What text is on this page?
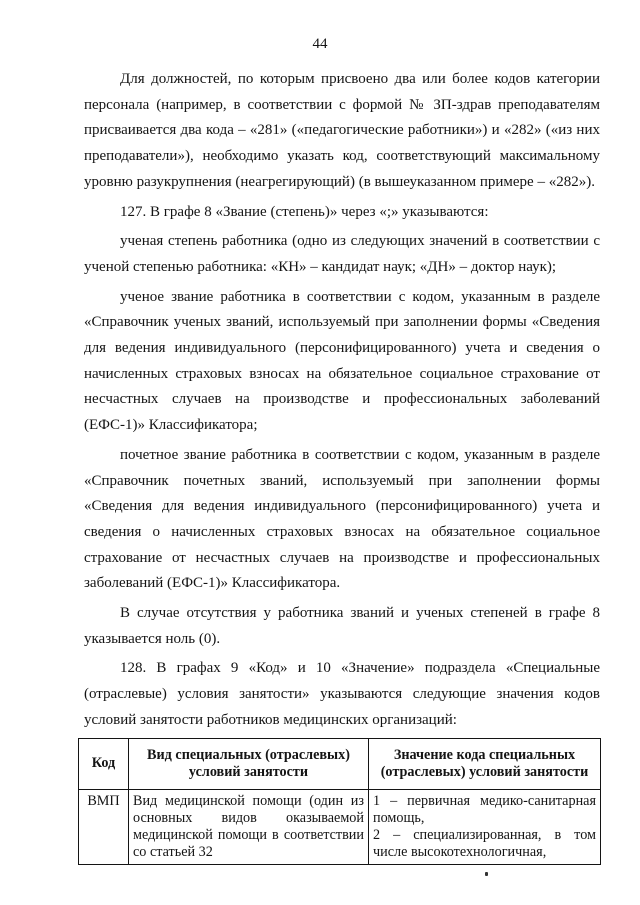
44

Для должностей, по которым присвоено два или более кодов категории персонала (например, в соответствии с формой № ЗП-здрав преподавателям присваивается два кода – «281» («педагогические работники») и «282» («из них преподаватели»), необходимо указать код, соответствующий максимальному уровню разукрупнения (неагрегирующий) (в вышеуказанном примере – «282»).

127. В графе 8 «Звание (степень)» через «;» указываются:

ученая степень работника (одно из следующих значений в соответствии с ученой степенью работника: «КН» – кандидат наук; «ДН» – доктор наук);

ученое звание работника в соответствии с кодом, указанным в разделе «Справочник ученых званий, используемый при заполнении формы «Сведения для ведения индивидуального (персонифицированного) учета и сведения о начисленных страховых взносах на обязательное социальное страхование от несчастных случаев на производстве и профессиональных заболеваний (ЕФС-1)» Классификатора;

почетное звание работника в соответствии с кодом, указанным в разделе «Справочник почетных званий, используемый при заполнении формы «Сведения для ведения индивидуального (персонифицированного) учета и сведения о начисленных страховых взносах на обязательное социальное страхование от несчастных случаев на производстве и профессиональных заболеваний (ЕФС-1)» Классификатора.

В случае отсутствия у работника званий и ученых степеней в графе 8 указывается ноль (0).

128. В графах 9 «Код» и 10 «Значение» подраздела «Специальные (отраслевые) условия занятости» указываются следующие значения кодов условий занятости работников медицинских организаций:

Код	Вид специальных (отраслевых) условий занятости	Значение кода специальных (отраслевых) условий занятости
ВМП	Вид медицинской помощи (один из основных видов оказываемой медицинской помощи в соответствии со статьей 32	1 – первичная медико-санитарная помощь,
2 – специализированная, в том числе высокотехнологичная,
